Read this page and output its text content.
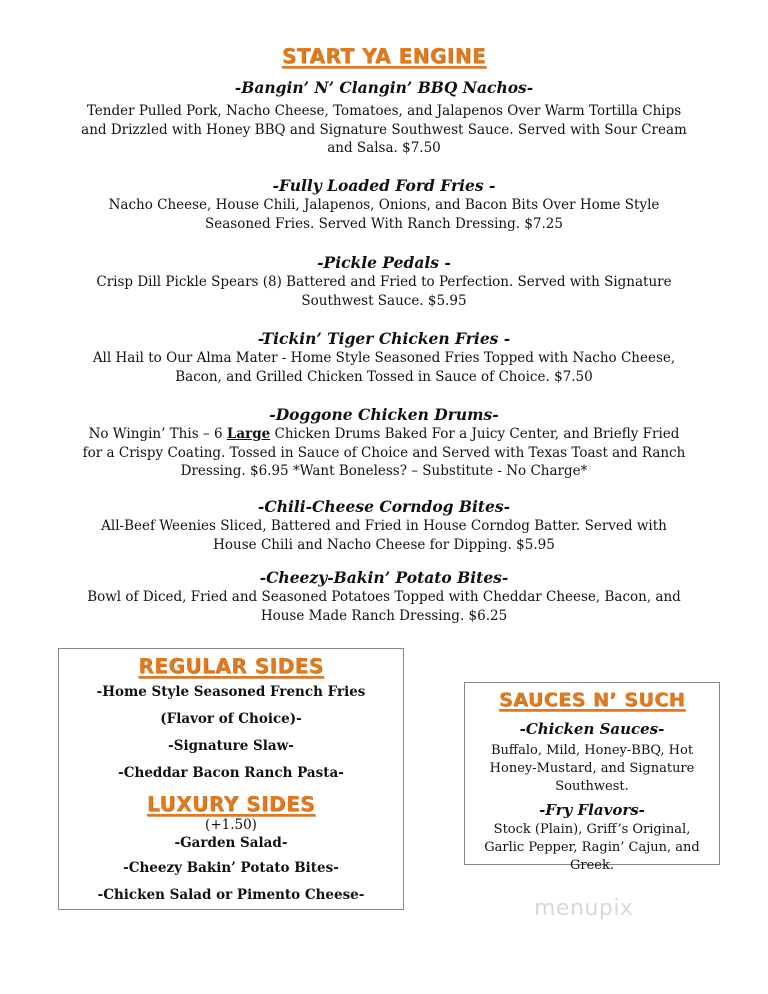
START YA ENGINE
-Bangin’ N’ Clangin’ BBQ Nachos-
Tender Pulled Pork, Nacho Cheese, Tomatoes, and Jalapenos Over Warm Tortilla Chips and Drizzled with Honey BBQ and Signature Southwest Sauce. Served with Sour Cream and Salsa. $7.50
-Fully Loaded Ford Fries -
Nacho Cheese, House Chili, Jalapenos, Onions, and Bacon Bits Over Home Style Seasoned Fries. Served With Ranch Dressing. $7.25
-Pickle Pedals -
Crisp Dill Pickle Spears (8) Battered and Fried to Perfection. Served with Signature Southwest Sauce. $5.95
-Tickin’ Tiger Chicken Fries -
All Hail to Our Alma Mater - Home Style Seasoned Fries Topped with Nacho Cheese, Bacon, and Grilled Chicken Tossed in Sauce of Choice. $7.50
-Doggone Chicken Drums-
No Wingin’ This – 6 Large Chicken Drums Baked For a Juicy Center, and Briefly Fried for a Crispy Coating. Tossed in Sauce of Choice and Served with Texas Toast and Ranch Dressing. $6.95 *Want Boneless? – Substitute - No Charge*
-Chili-Cheese Corndog Bites-
All-Beef Weenies Sliced, Battered and Fried in House Corndog Batter. Served with House Chili and Nacho Cheese for Dipping. $5.95
-Cheezy-Bakin’ Potato Bites-
Bowl of Diced, Fried and Seasoned Potatoes Topped with Cheddar Cheese, Bacon, and House Made Ranch Dressing. $6.25
REGULAR SIDES
-Home Style Seasoned French Fries (Flavor of Choice)-
-Signature Slaw-
-Cheddar Bacon Ranch Pasta-
LUXURY SIDES
(+1.50)
-Garden Salad-
-Cheezy Bakin’ Potato Bites-
-Chicken Salad or Pimento Cheese-
SAUCES N’ SUCH
-Chicken Sauces-
Buffalo, Mild, Honey-BBQ, Hot Honey-Mustard, and Signature Southwest.
-Fry Flavors-
Stock (Plain), Griff’s Original, Garlic Pepper, Ragin’ Cajun, and Greek.
menupix
